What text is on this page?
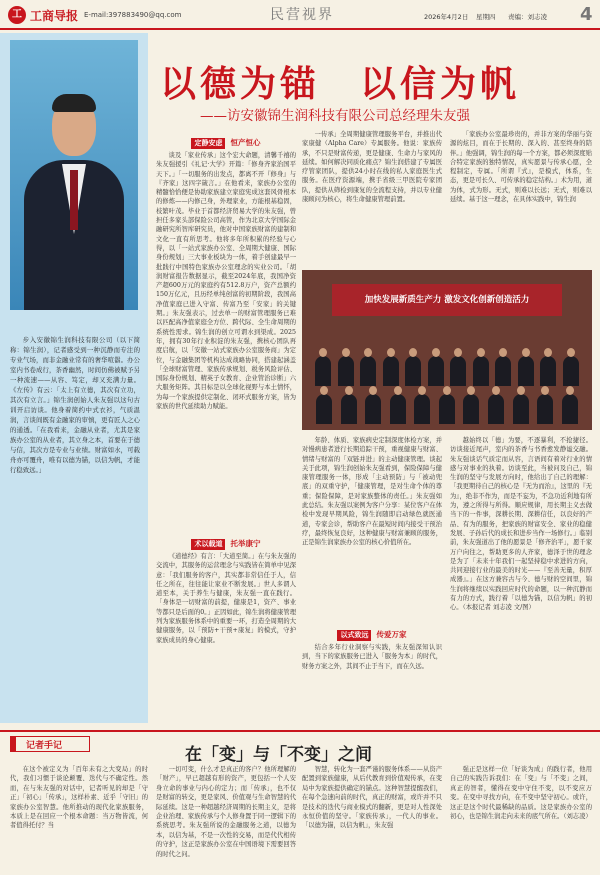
工 工商导报 E-mail:397883490@qq.com	民营视界	2026年4月2日 星期四 责编：刘志凌 4

步入安徽锦生润科技有限公司（以下简称：锦生润），记者感受到一种沉静而专注的专业气场，而非金融业常有的奢华喧嚣。办公室内书卷成行，茶香幽然，时间仿佛被赋予另一种流速——从容、笃定，却又充满力量。《左传》有云：「太上有立德，其次有立功，其次有立言。」锦生润创始人朱友强以这句古训开启访谈。他身着简约中式衣衫，气质温润，言谈间既有金融家的审慎，更有匠人之心的通透。「在我看来，金融从业者，尤其是家族办公室的从业者，其立身之本，首要在于德与信，其次方是专业与业绩。财富如水，可载舟亦可覆舟，唯有以德为锚，以信为帆，才能行稳致远。」

以德为锚　以信为帆
——访安徽锦生润科技有限公司总经理朱友强
定静安虑 恒产恒心

谈及「家业传承」这个宏大命题，清馨千禧的朱友强援引《礼记·大学》开篇：「修身齐家治国平天下。」「一切服务的出发点，都离不开『修身』与『齐家』这四字箴言。」在他看来，家族办公室的精髓恰恰便是协助家族建立家庭宪成这套风骨根本的修炼——内修己身，外理家业，方能根基稳固，枝繁叶茂。毕业于首都经济贸易大学的朱友强，曾担任多家头部保险公司高管，作为北京大学国际金融研究所智库研究员，他对中国家族财富的建制和文化一直有所思考。他将多年所积累的经验与心得，以「一站式家族办公室、全周期大健康、国际身份规划」三大事业板块为一体，着手创建最早一批践行中国特色家族办公室理念的实业公司。「胡润财富报告数据显示，截至2024年底，我国净资产超600万元的家庭约有512.8万户，资产总额约150万亿元，且历经单纯创富的初期阶段，我国高净值家庭已进入守富、传富乃至「安家」的关键期。」朱友强表示，过去单一的财富管理服务已难以匹配高净值家庭全方位、跨代际、全生命周期的系统性需求。锦生润的创立可谓水到渠成。2025年，拥有30年行业积淀的朱友强，携核心团队再度启航，以「安徽一站式家族办公室服务商」为定位，与金融集团等机构达成战略协同，搭建起涵盖「全球财富管理、家族传承规划、税务风险评估、国际身份规划、精英子女教育、企业管治诊断」六大服务矩阵。其目标是以全球化视野与本土情怀，为每一个家族提供定制化、闭环式服务方案，皆为家族的世代延续助力赋能。

术以载道 托举康宁

《道德经》有言：「大道至简。」在与朱友强的交流中，其服务的运营理念与实践皆在简单中见深意：「我们服务的客户，其实都非常信任于人，信任之所在，往往能让家业不断发展。」世人多谓人道至本，关于养生与健康，朱友强一直在践行。「身体是一切财富的前提，健康是1，资产、事业等都只是后面的0。」正因如此，锦生润将健康管理列为家族服务体系中的重要一环，打造全周期的大健康服务，以「预防+干预+康复」的模式，守护家族成员的身心健康。

一传承」全周期健康管理服务平台，并推出代家康健（Alpha Care）专属服务。他说：家族传承，不只是财富传递，更是健康、生命力与家风的延续。如何解决同质化痛点？锦生润搭建了专属医疗管家团队，提供24小时在线的私人家庭医生式服务。在医疗资源端，携手省级三甲医院专家团队，提供从筛检到康复的全流程支持，并以专业健康顾问为核心，将生命健康管理前置。

「家族办公室最珍贵的，并非方案的华丽与资源的炫目，而在于长期的、深入的、甚至终身的陪伴。」他强调，锦生润的每一个方案，都必须深度贴合特定家族的独特情况，真实愿景与传承心愿，全程制定，专属。「所谓『式』，是模式，体系，生态，更是可长久、可传承的稳定结构。」术为用，道为体，式为形。无式，则难以长远；无式，则难以延续。基于这一理念，在具体实践中，锦生润

加快发展新质生产力 激发文化创新创造活力

年龄、体质、家族病史定制深度体检方案，并对慢病患者进行长期追踪干预，重视健康与财富、情绪与财富的「双链并进」的主动健康管理。谈起关于此项，锦生润创始朱友强看到，保险保障与健康管理服务一体，形成「主动预防」与「被动兜底」的双重守护，「健康管理，是对生命个体的尊重；保险保障，是对家族整体的责任。」朱友强如此总结。朱友强以案例为客户分享：某位客户在体检中发现早期风险，锦生润随即启动绿色就医通道，专家会诊，帮助客户在最短时间内接受干预治疗，最终恢复良好，这种健康与财富兼顾的服务，正是锦生润家族办公室的核心价值所在。

以式致远 传爱万家

结合多年行业洞察与实践，朱友强深知认识到，当下的家族服务已进入「服务为本」的时代，财务方案之外，其间不止于当下，而在久远。

越始终以「德」为要，不逐暴利，不抢捷径。访谈接近尾声，室内的茶香与书香愈发静谧交融。朱友强谈话气质定而从容，言语间有着对行业的情感与对事业的执着。访谈至此，当被问及自己，锦生润的坚守与发展方向时，他给出了自己的理解：「我更期待自己的核心是『无为而治』，这里的『无为』，绝非不作为，而是不妄为，不急功近利地有所为，遵之所得与所得。顺应规律，用长期主义去做当下的一件事，深耕长期、深耕信任，以良好的产品、有为的服务，把家族的财富安全、家业的稳健发展、子孙后代的成长和进步当作一场修行。」临别前，朱友强道出了他的愿景是「修齐治平」，愿千家万户向往之，帮助更多的人齐家，德泽于世的理念是为了「未来十年我们一起坚持稳中求进的方向，共同迎接行业的最美的时光——『至善无量，积厚成器』。」在这方兼容古与今、德与财的空间里，锦生润将继续以实践回应时代的命题，以一种沉静而有力的方式，践行着「以德为锚，以信为帆」的初心。（本报记者 刘志凌 文/图）

记者手记	在「变」与「不变」之间

在这个被定义为「百年未有之大变局」的时代，我们习惯于谈论颠覆、迭代与不确定性。然而，在与朱友强的对话中，记者听见的却是「守正」「初心」「传承」，这样朴素、近乎「守旧」的家族办公室智慧。他所推动的现代化家族服务，本质上是在回应一个根本命题：当万物皆流，何者值得托付？当

一切可变，什么才是真正的客户？他所理解的「财产」，早已超越有形的资产，更包括一个人安身立命的事业与内心的定力；而「传承」，也不仅是财富的转交，更是家风、价值观与生命智慧的代际延续。这是一种超越经济周期的长期主义，是将企业治理、家族传承与个人修身置于同一逻辑下的系统思考。朱友强所说的金融服务之道，以德为本，以信为基，不是一次性的交易，而是代代相传的守护，这正是家族办公室在中国语境下需要回答的时代之问。

智慧，转化为一套严谨的服务体系——从资产配置到家族健康，从后代教育到价值观传承，在变局中为家族提供确定的锚点。这种智慧提醒我们，在每个急速向前的时代，真正的财富，或许并不只是技术的迭代与商业模式的翻新，更是对人性深处永恒价值的坚守。「家族传承」，一代人的事业。「以德为锚，以信为帆」，朱友强

强正是这样一位「好谈为成」的践行者，他用自己的实践告诉我们：在「变」与「不变」之间，真正的智者，懂得在变中守住不变，以不变应万变。在变中寻找方向，在不变中坚守初心。或许，这正是这个时代最稀缺的品质。这是家族办公室的初心，也是锦生润走向未来的底气所在。（刘志凌）
